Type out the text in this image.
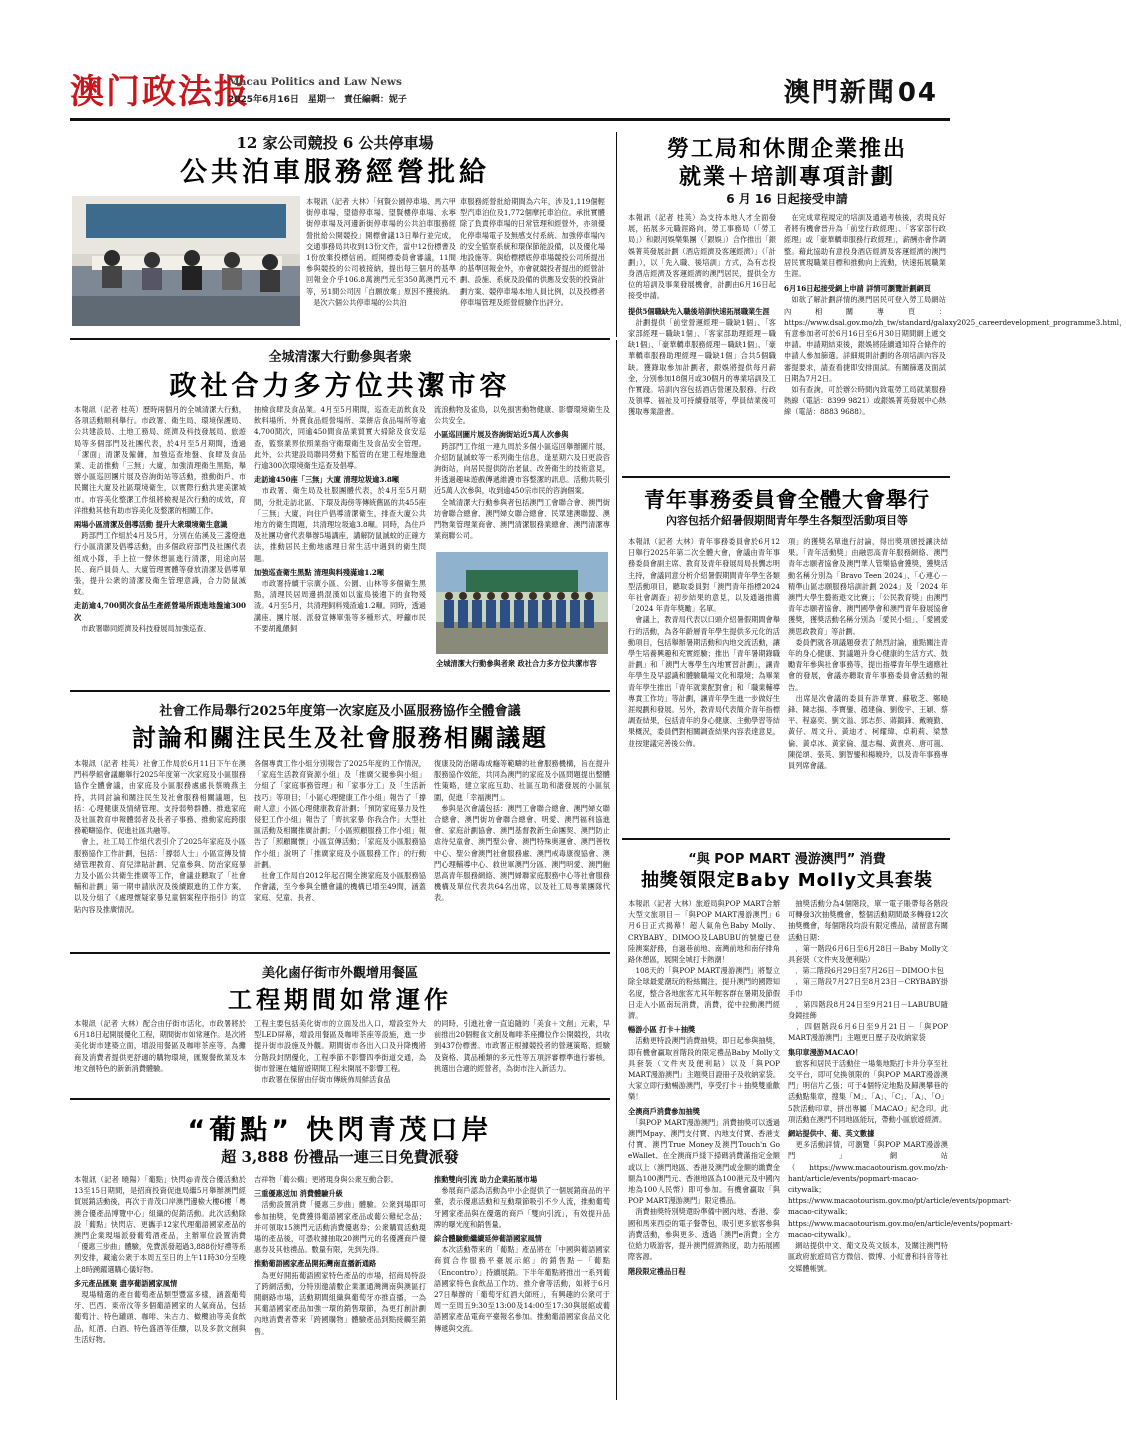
澳门政法报
Macau Politics and Law News
2025年6月16日　星期一　責任編輯：妮子	澳門新聞04
12 家公司競投 6 公共停車場
公共泊車服務經營批給
本報訊（記者 大林）「何賢公園停車場、馬六甲街停車場、望德停車場、望賢樓停車場、永寧街停車場及河邊新街停車場的公共泊車服務經營批給公開競投」開標會議13日舉行並完成，交通事務局共收到13份文件，當中12份標書及1份放棄投標信函。經開標委員會審議，11間參與競投的公司被接納，提出每三個月的基準回報金介乎106.8萬澳門元至350萬澳門元不等，另1間公司因「自願放棄」原因不獲接納。
　是次六個公共停車場的公共泊
車服務經營批給期間為六年，涉及1,119個輕型汽車泊位及1,772個摩托車泊位。承批實體除了負責停車場的日常管理和經營外，亦須優化停車場電子及無感支付系統、加強停車場內的安全監察系統和環保節能設備，以及優化場地設施等。與給標標底停車場競投公司所提出的基準回報金外，亦會就競投者提出的經營計劃、設施、系統及設備的供應及安裝的投資計劃方案、競停車場本地人員比例，以及投標者停車場管理及經營經驗作出評分。
勞工局和休閒企業推出
就業＋培訓專項計劃
6 月 16 日起接受申請
本報訊（記者 桂英）為支持本地人才全面發展，拓展多元職涯路向，勞工事務局（「勞工局」）和銀河娛樂集團（「銀娛」）合作推出「銀娛菁英發展計劃（酒店經濟及客運經濟）」（「計劃」），以「先入職、後培訓」方式，為有志投身酒店經濟及客運經濟的澳門居民，提供全方位的培訓及事業發展機會，計劃由6月16日起接受申請。
提供5個職缺先入職後培訓快速拓展職業生涯
　計劃提供「前堂營運經理－職缺1個」、「客家部經理－職缺1個」、「客家部助理經理－職缺1個」、「豪華轎車服務經理－職缺1個」、「豪華轎車服務助理經理－職缺1個」合共5個職缺。獲錄取參加計劃者，銀娛將提供每月薪金，分別參加18個月或30個月的專業培訓及工作實踐。培訓內容包括酒店營運及服務、行政及領導、福祉及可持續發展等，學員結業後可獲取專業證書。
　在完成章程規定的培訓及通過考核後，表現良好者將有機會晉升為「前堂行政經理」、「客家部行政經理」或「豪華轎車服務行政經理」，薪酬亦會作調整。藉此協助有意投身酒店經濟及客運經濟的澳門居民實現職業目標和推動向上流動，快速拓展職業生涯。
6月16日起接受網上申請 詳情可瀏覽計劃網頁
　如欲了解計劃詳情的澳門居民可登入勞工局網站內相關專頁：https://www.dsal.gov.mo/zh_tw/standard/galaxy2025_careerdevelopment_programme3.html，有意參加者可於6月16日至6月30日期間網上遞交申請。申請期結束後，銀娛將陸續通知符合條件的申請人參加篩選。詳細規則計劃的各項培訓內容及審提要求，請查看捷即安排面試。有關篩選及面試日期為7月2日。
　如有查詢，可於辦公時間內致電勞工局就業服務熱線（電話：8399 9821）或銀娛菁英發展中心熱線（電話：8883 9688）。
全城清潔大行動參與者衆
政社合力多方位共潔市容
本報訊（記者 桂英）歷時兩個月的全城清潔大行動，各項活動順利舉行。市政署、衛生局、環境保護局、公共建設局、土地工務局、經濟及科技發展局、旅遊局等多個部門及社團代表，於4月至5月期間，透過「潔面」清潔及僱傭，加強巡查地盤、食肆及食品業、走訪推動「三無」大廈，加強清理衛生黑點，舉辦小區巡回團片展及咨詢街站等活動，推動街戶、市民關注大廈及社區環境衛生，以實際行動共建美潔城市。市容美化整潔工作組將檢視是次行動的成效，育洋推動其他有助市容美化及整潔的相關工作。
兩場小區清潔及倡導活動 提升大衆環境衛生意識
　跨部門工作組於4月及5月，分別在佑溪及三盞燈進行小區清潔及倡導活動，由多個政府部門及社團代表組成小隊，手上拉一聲休想區進行清潔，用途向居民、商戶員員人、大廈管理實體等發放清潔及倡導單張，提升公衆的清潔及衛生管理意識，合力防鼠滅蚊。
走訪逾4,700間次食品生產經營場所跟進地盤逾300次
　市政署聯同經濟及科技發展局加強巡查、
抽檢食肆及食品業。4月至5月期間，巡查走訪飲食及飲料場所、外賣食品經營場所、菜餅店食品場所等逾4,700間次，同逾450間食品業貿實大掃除及食安巡查，監察業界依照業指守衛環衛生及食品安全管理。此外，公共建設局聯同勞動下監管的在建工程地盤進行逾300次環境衛生巡查及倡導。
走訪逾450座「三無」大廈 清理垃圾逾3.8噸
　市政署、衛生局及社服團體代表，於4月至5月期間，分批走訪北區、下環及海傍等傳統舊區的共455座「三無」大廈，向住戶倡導清潔衛生，排查大廈公共地方的衛生問題，共清理垃圾逾3.8噸。同時，為住戶及社團功會代表舉辦5場講座，講解防鼠滅蚊的正確方法，推動居民主動地處理日常生活中遇到的衛生問題。
加強巡查衛生黑點 清理與料殘滿逾1.2噸
　市政署持續干宗廣小區、公園、山林等多個衛生黑點，清理民居周邊捐混漢如以蜜鳥後遺下的食物殘渣。4月至5月，共清理飼料殘渣逾1.2噸。同時，透過講座、團片展、派發宣傳單張等多種形式，呼籲市民不要胡亂餵飼
流浪動物及雀鳥，以免損害動物健康、影響環境衛生及公共安全。
小區巡回圖片展及咨詢街站近5萬人次參與
　跨部門工作組一連九周於多個小區巡回舉辦圖片展，介紹防鼠滅蚊等一系列衛生信息，逢星期六及日更設咨詢街站，向居民提供防治老鼠、改善衛生的技術意見，并透過趣味遊戲傳遞維護市容整潔的訊息。活動共吸引近5萬人次參與，收到逾450宗市民的咨詢個案。
　全城清潔大行動參與者包括澳門工會聯合會、澳門街坊會聯合總會、澳門婦女聯合總會、民眾建澳聯盟、澳門物業管理業商會、澳門清潔服務業總會、澳門清潔專業商聯公司。
全城清潔大行動參與者衆 政社合力多方位共潔市容
青年事務委員會全體大會舉行
內容包括介紹暑假期間青年學生各類型活動項目等
本報訊（記者 大林）青年事務委員會於6月12日舉行2025年第二次全體大會，會議由青年事務委員會副主席、教育及青年發展局局長龔志明主持，會議同意分析介紹暑假期間青年學生各類型活動項目，聽取委員對「澳門青年指標2024 年社會調查」初步結果的意見，以及通過推薦「2024 年青年獎勵」名單。
　會議上，教青局代表以口頭介紹暑假期間會舉行的活動，為各年齡層青年學生提供多元化的活動項目，包括舉辦暑期活動和內地交流活動，讓學生培養興趣和充實經驗；推出「青年暑期錄職計劃」和「澳門大專學生內地實習計劃」，讓青年學生及早認識和體驗職場文化和環境；為畢業青年學生推出「青年就業配對會」和「職業輔導專責工作坊」等計劃，讓青年學生進一步做好生涯規劃和發展。另外，教青局代表簡介青年指標調查結果，包括青年的身心健康、主動學習等結果概況，委員們對相關調查結果內容表達意見，並按建議完善後公佈。
項」的獲獎名單進行討論，得出獎項頒授讓決結果。「青年活動獎」由融思高青年服務網絡、澳門青年志願者協會及澳門華人管樂協會獲獎，獲獎活動名稱分別為「Bravo Teen 2024」、「心連心－精準山區志願服務培訓計劃 2024」及「2024 年澳門大學生藝術遨文比賽」；「公民教育獎」由澳門青年志願者協會、澳門國學會和澳門青年發展協會獲獎，獲獎活動名稱分別為「愛民小組」、「愛國愛澳思政教育」等計劃。
　委員們就各項議題發表了熱烈討論，重點關注青年的身心健康、對議題升身心健康的生活方式、鼓勵青年參與社會事務等，提出指導青年學生適應社會的發展，會議亦聽取青年事務委員會活動的報告。
　出席是次會議的委員有許華寶、蘇敬芝、鄭曉鋒、陳志揚、李寶鑾、趙建倫、劉俊宇、王穎、蔡平、程嘉奕、劉文溢、郭志彭、蔣鎮鋒、戴曉勤、黃仔、周文升、黃迪才、柯耀瑋、卓莉莉、梁慧倫、黃卓冰、黃家倫、溫志楊、黃貴亮、唐可嵐、陳從頌、張英、劉智鑾和楊曉玲，以及青年事務專員列席會議。
社會工作局舉行2025年度第一次家庭及小區服務協作全體會議
討論和關注民生及社會服務相關議題
本報訊（記者 桂英）社會工作局於6月11日下午在澳門科學館會議廳舉行2025年度第一次家庭及小區服務協作全體會議，由家庭及小區服務處處長蔡曉燕主持，共同討論和關注民生及社會服務相關議題，包括：心理健康及情緒管理、支持弱勢群體、推進家庭及社區教育申報體弱者及長者子事務、推動家庭跨服務範疇協作、促進社區共融等。
　會上，社工局工作組代表引介了2025年家庭及小區服務協作工作計劃，包括：「撐弱人士」小區宣傳及情緒管理教育、育兒津貼計劃、兒童參與、防治家庭暴力及小區公共衛生推廣等工作，會議並聽取了「社會輔和計劃」第一期申請狀況及後續跟進的工作方案，以及分組了《處理懷疑家暴兒童個案程序指引》的宣貼內容及推廣情況。
各個專責工作小組分別報告了2025年度的工作情況，「家庭生活教育資源小組」及「推廣父親參與小組」分組了「家庭事務管理」和「家事分工」及「生活新技巧」等項目；「小區心理健康工作小組」報告了「撐耐人意」小區心理健康教育計劃；「預防家庭暴力及性侵犯工作小組」報告了「齊抗家暴 你我合作」大型社區活動及相關推廣計劃；「小區照顧服務工作小組」報告了「照顧關懷」小區宣傳活動；「家庭及小區服務協作小組」說明了「推廣家庭及小區服務工作」的行動計劃。
　社會工作局自2012年起召開全澳家庭及小區服務協作會議，至今參與全體會議的機構已增至49間，涵蓋家庭、兒童、長者、
復康及防治賭毒成癮等範疇的社會服務機構，旨在提升服務協作效能，共同為澳門的家庭及小區問題提出整體性策略，建立家庭互助、社區互助和諧發展的小區氛圍，促進「幸福澳門」。
　參與是次會議包括：澳門工會聯合總會、澳門婦女聯合總會、澳門街坊會聯合總會、明愛、澳門福利協進會、家庭計劃協會、澳門基督教新生命團契、澳門防止虐待兒童會、澳門聖公會、澳門特殊奧運會、澳門善牧中心、聖公會澳門社會服務處、澳門戒毒康復協會、澳門心理輔導中心、救世軍澳門分區、澳門明愛、澳門鮑思高青年服務網絡、澳門婦聯家庭服務中心等社會服務機構及單位代表共64名出席，以及社工局專業團隊代表。
美化鹵仔街市外觀增用餐區
工程期間如常運作
本報訊（記者 大林）配合由仔街市活化，市政署將於6月18日起開展優化工程，期間街市如常運作。是次將美化街市建築立面，增設用餐區及咖啡茶座等，為攤商及消費者提供更舒適的購物環境，匯聚餐飲業及本地文創特色的新新消費體驗。
工程主要包括美化街市的立面及出入口，增設室外大型LED屏幕，增設用餐區及咖啡茶座等設施，進一步提升街市設施及外觀。期間街市各出入口及升降機將分階段封閉優化，工程季節不影響四季街道交通，為街市營運在爐留遊期間工程未開展不影響工程。
　市政署在保留由仔街市傳統佈局鮮活食品
的同時，引進社會一直追隨的「美食＋文創」元素，早前推出20個輕食文創及咖啡茶座攤位作公開競投，共收到437份標書。市政署正根據競投者的營運策略、經驗及資格、貨品種類的多元性等五項評審標準進行審核，挑選出合適的經營者，為街市注入新活力。
“與 POP MART 漫游澳門” 消費
抽獎領限定Baby Molly文具套裝
本報訊（記者 大林）旅遊局與POP MART合辦大型文旅項目－「與POP MART漫游澳門」6月6日正式揭幕！超人氣角色Baby Molly、CRYBABY、DIMOO及LABUBU的號慶已登陸澳案舒務，自過巷前地、南灣前地和南仔排角路休憩區，展開全城打卡熱潮！
　108天的「與POP MART漫游澳門」將豎立除全球最愛潮玩的粉絲關注，提升澳門的國際知名度，整合各地旅客尤其年輕客群在暑期及節假日走入小區南玩消費，消費，從中拉動澳門經濟。
暢游小區 打卡＋抽獎
　活動更特設澳門消費抽獎，即日起參與抽獎，即有機會贏取首階段的限定禮品Baby Molly文具套裝（文件夾及便利貼）以及「與POP MART漫游澳門」主題獎目證冊子及收納家袋。大家立即行動暢游澳門，享受打卡＋抽獎雙重歡樂！
全澳商戶消費參加抽獎
　「與POP MART漫游澳門」消費抽獎可以透過澳門Mpay、澳門支付寶、內地支付寶、香港支付寶、澳門True Money及澳門Touch'n Go eWallet、在全澳商戶綫下掃碼消費滿指定金額或以上（澳門地區、香港及澳門或金額的繳費金額為100澳門元、香港地區為100港元及中國內地為100人民幣）即可參加。有機會贏取「與POP MART漫游澳門」限定禮品。
　消費抽獎特別獎還盼準備中國內地、香港、泰國和馬來西亞的電子餐帶包，吸引更多旅客參與消費活動，參與更多、透過「澳門e消費」全方位給力吸游客，提升澳門經濟熱度，助力拓展國際客源。
階段限定禮品日程
　抽獎活動分為4個階段，單一電子賬帶每各階段可轉發3次抽獎機會，整個活動期間最多轉發12次抽獎機會，每個階段均設有限定禮品，請留意有關活動日期：
　．第一階段6月6日至6月28日－Baby Molly文具套裝（文件夾及便利貼）
　．第二階段6月29日至7月26日－DIMOO卡包
　．第三階段7月27日至8月23日－CRYBABY掛手巾
　．第四階段8月24日至9月21日－LABUBU隨身鏡挂飾
　．四個階段6月6日至9月21日－「與POP MART漫游澳門」主題更日歷子及收納家袋
集印章漫游MACAO！
　旅客和居民于活動住一場集地點打卡并分享至社交平台，即可兌換領限的「與POP MART漫游澳門」明信片乙張；可于4個特定地點及歸澳攀巷的活動點集章，搜集「M」、「A」、「C」、「A」、「O」5款活動印章，拼出專屬「MACAO」紀念印。此項活動在澳門不同地區能玩，帶動小區旅遊經濟。
網站提供中、葡、英文數據
　更多活動詳情，可瀏覽「與POP MART漫游澳門」網站（https://www.macaotourism.gov.mo/zh-hant/article/events/popmart-macao-citywalk；https://www.macaotourism.gov.mo/pt/article/events/popmart-macao-citywalk；https://www.macaotourism.gov.mo/en/article/events/popmart-macao-citywalk）。
　網站提供中文、葡文及英文版本，及關注澳門特區政府旅遊局官方微信、微博、小紅書和抖音等社交媒體帳號。
“葡點” 快閃青茂口岸
超 3,888 份禮品一連三日免費派發
本報訊（記者 曉陽）「葡點」快閃@青茂合優活動於13至15日期間，是招商投資促進局繼5月舉辦澳門經貿展銷活動後，再次于青茂口岸澳門邊檢大樓6樓「粵澳合優產品博覽中心」組織的促銷活動。此次活動除設「葡點」快閃店、更攜手12家代理葡語國家產品的澳門企業現場派發葡萄酒產品，主辦單位設置消費「優惠三步曲」體驗，免費派發超過3,888份好禮等系列安排，藏逾公衆于本周五至日的上午11時30分至晚上8時踴躍選購心儀好物。
多元產品匯聚 盡享葡語國家風情
　現場精選的產自葡萄產品類型豐富多樣，涵蓋葡萄牙、巴西、東帝汶等多個葡語國家的人氣商品，包括葡萄汁、特色罐頭、咖啡、朱古力、橄欖油等美食飲品，紅酒、白酒、特色盛酒等佳釀，以及多款文創與生活好物。
吉祥物「葡公鷄」更將現身與公衆互動合影。
三重優惠送加 消費體驗升級
　活動設置消費「優惠三步曲」體驗。公衆到場即可參加抽獎，免費獲得葡語國家產品或葡公雞紀念品；并可領取15澳門元活動消費優惠券；公衆購買活動現場的產品後，可憑收據抽取20澳門元的名優護商戶優惠券及其他禮品。數量有限，先到先得。
推動葡語國家產品開拓灣南直播新通路
　為更好開拓葡語國家特色產品的市場，招商局特設了跨網活動，分特別邀請數企業滙通灣灣南與澳區打開網路市場，活動期間組織與葡萄牙亦推直播，一為其葡語國家產品加強一環的銷售環節，為更打創計劃內地消費者帶來「跨國購物」體驗產品到點接觸至銷售。
推動雙向引流 助力企業拓展市場
　參展商戶認為活動為中小企提供了一個展銷商品的平臺，表示優惠活動和互動環節吸引不少人流，推動葡萄牙國家產品與在優選的商戶「雙向引流」，有效提升品牌的曝光度和銷售量。
綜合體驗動繼續延伸葡語國家風情
　本次活動帶來的「葡點」產品將在「中國與葡語國家商貿合作服務平臺展示館」的銷售點－「葡點（Encontro）」持續展銷。下半年葡點將推出一系列葡語國家特色食飲品工作坊、推介會等活動，如將于6月27日舉辦的「葡萄牙紅酒大師班」，有興趣的公衆可于周一至周五9:30至13:00及14:00至17:30與展館或葡語國家產品電商平臺報名參加。推動葡語國家食品文化傳遞與交流。
